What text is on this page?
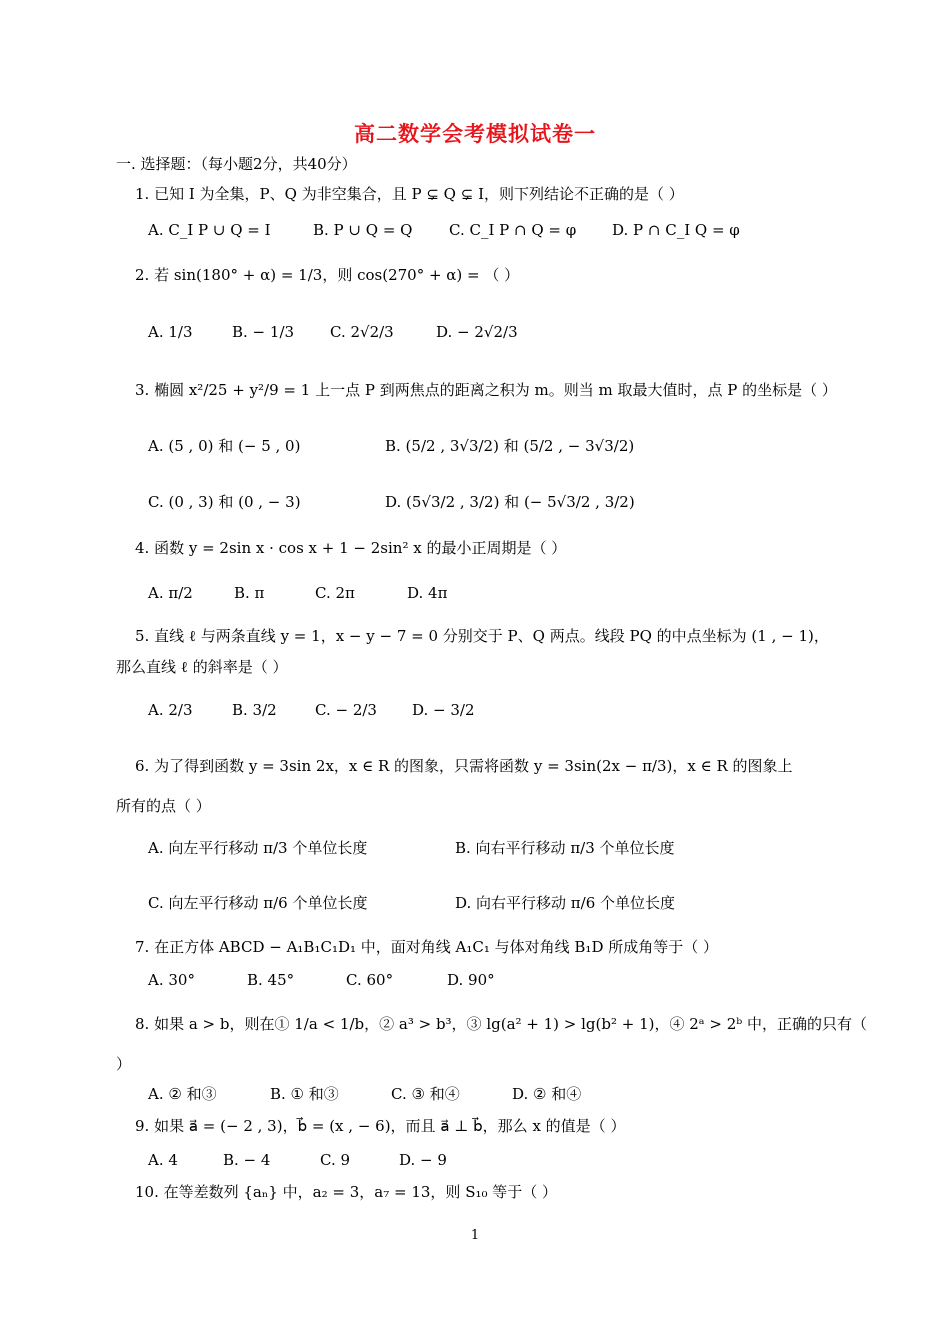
高二数学会考模拟试卷一
一. 选择题：（每小题2分，共40分）
1. 已知 I 为全集，P、Q 为非空集合，且 P ⊊ Q ⊊ I，则下列结论不正确的是（ ）
A. C_I P ∪ Q = I	B. P ∪ Q = Q C. C_I P ∩ Q = φ D. P ∩ C_I Q = φ
2. 若 sin(180° + α) = 1/3，则 cos(270° + α) = （ ）
A. 1/3	B. − 1/3 C. 2√2/3	D. − 2√2/3
3. 椭圆 x²/25 + y²/9 = 1 上一点 P 到两焦点的距离之积为 m。则当 m 取最大值时，点 P 的坐标是（ ）
A. (5 , 0) 和 (− 5 , 0)	B. (5/2 , 3√3/2) 和 (5/2 , − 3√3/2)
C. (0 , 3) 和 (0 , − 3)	D. (5√3/2 , 3/2) 和 (− 5√3/2 , 3/2)
4. 函数 y = 2sin x · cos x + 1 − 2sin² x 的最小正周期是（ ）
A. π/2	B. π	C. 2π	D. 4π
5. 直线 ℓ 与两条直线 y = 1，x − y − 7 = 0 分别交于 P、Q 两点。线段 PQ 的中点坐标为 (1 , − 1)，
那么直线 ℓ 的斜率是（ ）
A. 2/3	B. 3/2	C. − 2/3 D. − 3/2
6. 为了得到函数 y = 3sin 2x，x ∈ R 的图象，只需将函数 y = 3sin(2x − π/3)，x ∈ R 的图象上
所有的点（ ）
A. 向左平行移动 π/3 个单位长度	B. 向右平行移动 π/3 个单位长度
C. 向左平行移动 π/6 个单位长度	D. 向右平行移动 π/6 个单位长度
7. 在正方体 ABCD − A₁B₁C₁D₁ 中，面对角线 A₁C₁ 与体对角线 B₁D 所成角等于（ ）
A. 30°	B. 45°	C. 60°	D. 90°
8. 如果 a > b，则在① 1/a < 1/b，② a³ > b³，③ lg(a² + 1) > lg(b² + 1)，④ 2ᵃ > 2ᵇ 中，正确的只有（
）
A. ② 和③	B. ① 和③	C. ③ 和④	D. ② 和④
9. 如果 a⃗ = (− 2 , 3)，b⃗ = (x , − 6)，而且 a⃗ ⊥ b⃗，那么 x 的值是（ ）
A. 4	B. − 4	C. 9	D. − 9
10. 在等差数列 {aₙ} 中，a₂ = 3，a₇ = 13，则 S₁₀ 等于（ ）
1
